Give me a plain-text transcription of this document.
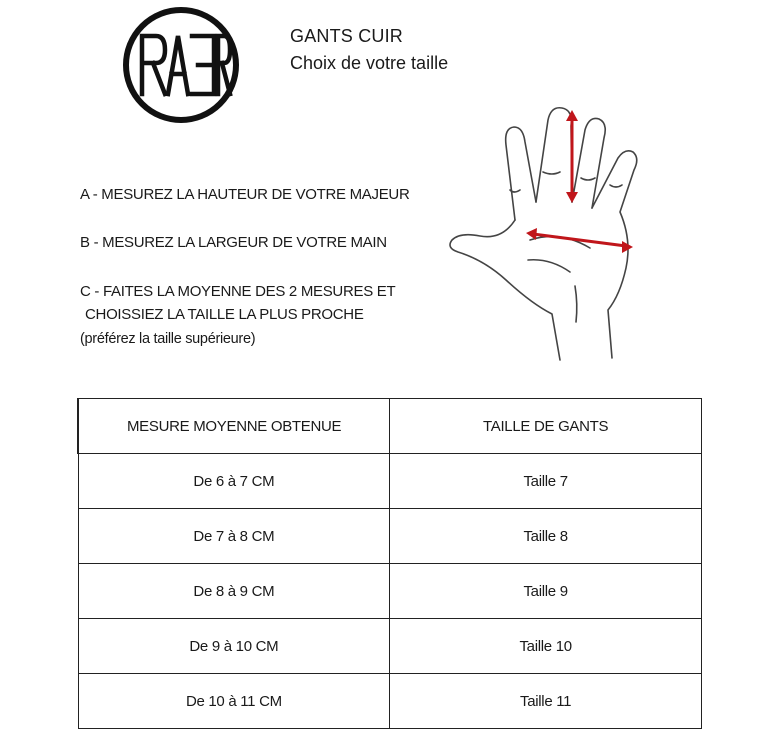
GANTS CUIR
Choix de votre taille
A - MESUREZ LA HAUTEUR DE VOTRE MAJEUR
B - MESUREZ LA LARGEUR DE VOTRE MAIN
C - FAITES LA MOYENNE DES 2 MESURES ET
CHOISSIEZ LA TAILLE LA PLUS PROCHE
(préférez la taille supérieure)
MESURE MOYENNE OBTENUE	TAILLE DE GANTS
De 6 à 7 CM	Taille 7
De 7 à 8 CM	Taille 8
De 8 à 9 CM	Taille 9
De 9 à 10 CM	Taille 10
De 10 à 11 CM	Taille 11
